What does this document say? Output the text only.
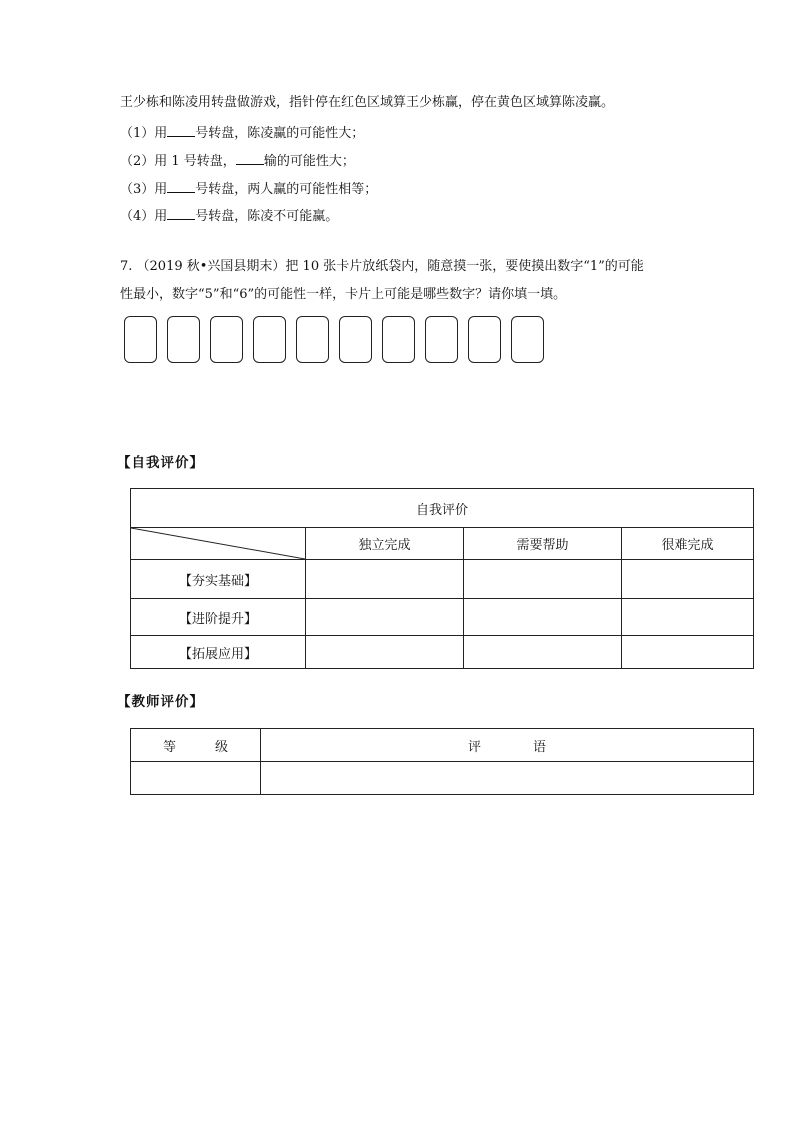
王少栋和陈凌用转盘做游戏，指针停在红色区域算王少栋赢，停在黄色区域算陈凌赢。
（1）用 号转盘，陈凌赢的可能性大；
（2）用 1 号转盘， 输的可能性大；
（3）用 号转盘，两人赢的可能性相等；
（4）用 号转盘，陈凌不可能赢。
7. （2019 秋•兴国县期末）把 10 张卡片放纸袋内，随意摸一张，要使摸出数字“1”的可能
性最小，数字“5”和“6”的可能性一样，卡片上可能是哪些数字？请你填一填。
【自我评价】
自我评价			

	独立完成	需要帮助	很难完成
【夯实基础】			
【进阶提升】			
【拓展应用】			
【教师评价】
等　　　级	评　　　　语
